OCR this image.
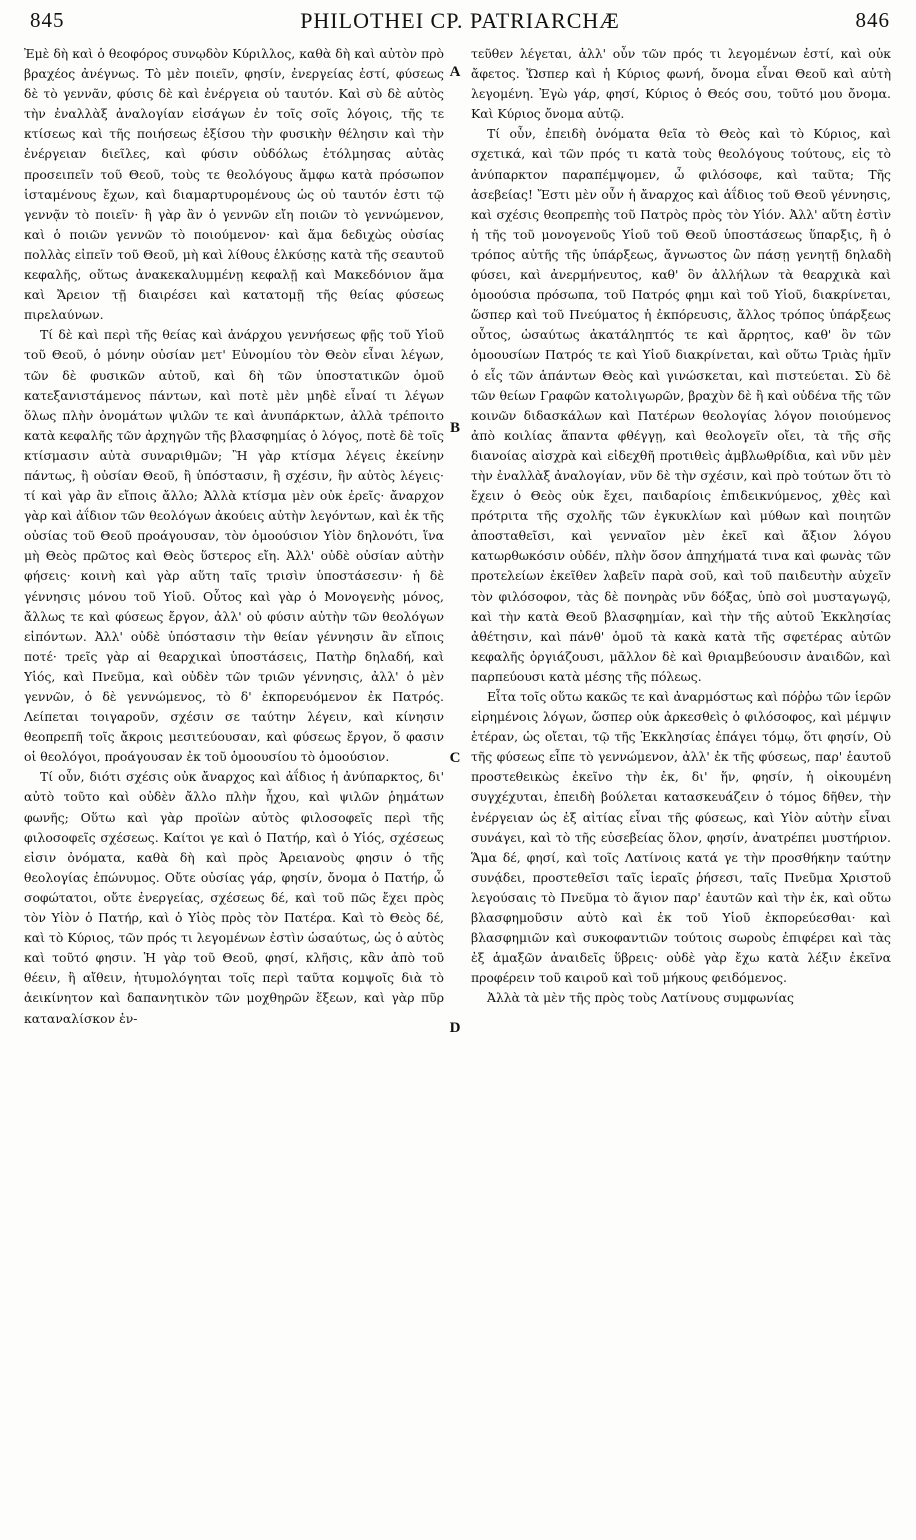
845	PHILOTHEI CP. PATRIARCHÆ	846

Ἐμὲ δὴ καὶ ὁ θεοφόρος συνῳδὸν Κύριλλος, καθὰ δὴ καὶ αὐτὸν πρὸ βραχέος ἀνέγνως. Τὸ μὲν ποιεῖν, φησίν, ἐνεργείας ἐστί, φύσεως δὲ τὸ γεννᾶν, φύσις δὲ καὶ ἐνέργεια οὐ ταυτόν. Καὶ σὺ δὲ αὐτὸς τὴν ἐναλλὰξ ἀναλογίαν εἰσάγων ἐν τοῖς σοῖς λόγοις, τῆς τε κτίσεως καὶ τῆς ποιήσεως ἐξίσου τὴν φυσικὴν θέλησιν καὶ τὴν ἐνέργειαν διεῖλες, καὶ φύσιν οὐδόλως ἐτόλμησας αὐτὰς προσειπεῖν τοῦ Θεοῦ, τοὺς τε θεολόγους ἄμφω κατὰ πρόσωπον ἱσταμένους ἔχων, καὶ διαμαρτυρομένους ὡς οὐ ταυτόν ἐστι τῷ γεννᾷν τὸ ποιεῖν· ἢ γὰρ ἂν ὁ γεννῶν εἴη ποιῶν τὸ γεννώμενον, καὶ ὁ ποιῶν γεννῶν τὸ ποιούμενον· καὶ ἅμα δεδιχὼς οὐσίας πολλὰς εἰπεῖν τοῦ Θεοῦ, μὴ καὶ λίθους ἑλκύσῃς κατὰ τῆς σεαυτοῦ κεφαλῆς, οὕτως ἀνακεκαλυμμένῃ κεφαλῇ καὶ Μακεδόνιον ἅμα καὶ Ἄρειον τῇ διαιρέσει καὶ κατατομῇ τῆς θείας φύσεως πιρελαύνων.

Τί δὲ καὶ περὶ τῆς θείας καὶ ἀνάρχου γεννήσεως φῇς τοῦ Υἱοῦ τοῦ Θεοῦ, ὁ μόνην οὐσίαν μετ' Εὐνομίου τὸν Θεὸν εἶναι λέγων, τῶν δὲ φυσικῶν αὐτοῦ, καὶ δὴ τῶν ὑποστατικῶν ὁμοῦ κατεξανιστάμενος πάντων, καὶ ποτὲ μὲν μηδὲ εἶναί τι λέγων ὅλως πλὴν ὀνομάτων ψιλῶν τε καὶ ἀνυπάρκτων, ἀλλὰ τρέποιτο κατὰ κεφαλῆς τῶν ἀρχηγῶν τῆς βλασφημίας ὁ λόγος, ποτὲ δὲ τοῖς κτίσμασιν αὐτὰ συναριθμῶν; Ἢ γὰρ κτίσμα λέγεις ἐκείνην πάντως, ἢ οὐσίαν Θεοῦ, ἢ ὑπόστασιν, ἢ σχέσιν, ἣν αὐτὸς λέγεις· τί καὶ γὰρ ἂν εἴποις ἄλλο; Ἀλλὰ κτίσμα μὲν οὐκ ἐρεῖς· ἄναρχον γὰρ καὶ ἀΐδιον τῶν θεολόγων ἀκούεις αὐτὴν λεγόντων, καὶ ἐκ τῆς οὐσίας τοῦ Θεοῦ προάγουσαν, τὸν ὁμοούσιον Υἱὸν δηλονότι, ἵνα μὴ Θεὸς πρῶτος καὶ Θεὸς ὕστερος εἴη. Ἀλλ' οὐδὲ οὐσίαν αὐτὴν φήσεις· κοινὴ καὶ γὰρ αὕτη ταῖς τρισὶν ὑποστάσεσιν· ἡ δὲ γέννησις μόνου τοῦ Υἱοῦ. Οὗτος καὶ γὰρ ὁ Μονογενὴς μόνος, ἄλλως τε καὶ φύσεως ἔργον, ἀλλ' οὐ φύσιν αὐτὴν τῶν θεολόγων εἰπόντων. Ἀλλ' οὐδὲ ὑπόστασιν τὴν θείαν γέννησιν ἂν εἴποις ποτέ· τρεῖς γὰρ αἱ θεαρχικαὶ ὑποστάσεις, Πατὴρ δηλαδή, καὶ Υἱός, καὶ Πνεῦμα, καὶ οὐδὲν τῶν τριῶν γέννησις, ἀλλ' ὁ μὲν γεννῶν, ὁ δὲ γεννώμενος, τὸ δ' ἐκπορευόμενον ἐκ Πατρός. Λείπεται τοιγαροῦν, σχέσιν σε ταύτην λέγειν, καὶ κίνησιν θεοπρεπῆ τοῖς ἄκροις μεσιτεύουσαν, καὶ φύσεως ἔργον, ὅ φασιν οἱ θεολόγοι, προάγουσαν ἐκ τοῦ ὁμοουσίου τὸ ὁμοούσιον.

Τί οὖν, διότι σχέσις οὐκ ἄναρχος καὶ ἀΐδιος ἡ ἀνύπαρκτος, δι' αὐτὸ τοῦτο καὶ οὐδὲν ἄλλο πλὴν ἦχου, καὶ ψιλῶν ῥημάτων φωνῆς; Οὕτω καὶ γὰρ προϊὼν αὐτὸς φιλοσοφεῖς περὶ τῆς φιλοσοφεῖς σχέσεως. Καίτοι γε καὶ ὁ Πατήρ, καὶ ὁ Υἱός, σχέσεως εἰσιν ὀνόματα, καθὰ δὴ καὶ πρὸς Ἀρειανοὺς φησιν ὁ τῆς θεολογίας ἐπώνυμος. Οὔτε οὐσίας γάρ, φησίν, ὄνομα ὁ Πατήρ, ὦ σοφώτατοι, οὔτε ἐνεργείας, σχέσεως δέ, καὶ τοῦ πῶς ἔχει πρὸς τὸν Υἱὸν ὁ Πατήρ, καὶ ὁ Υἱὸς πρὸς τὸν Πατέρα. Καὶ τὸ Θεὸς δέ, καὶ τὸ Κύριος, τῶν πρός τι λεγομένων ἐστὶν ὡσαύτως, ὡς ὁ αὐτὸς καὶ τοῦτό φησιν. Ἡ γὰρ τοῦ Θεοῦ, φησί, κλῆσις, κἂν ἀπὸ τοῦ θέειν, ἢ αἴθειν, ἠτυμολόγηται τοῖς περὶ ταῦτα κομψοῖς διὰ τὸ ἀεικίνητον καὶ δαπανητικὸν τῶν μοχθηρῶν ἕξεων, καὶ γὰρ πῦρ καταναλίσκον ἐν-

A
B
C
D

τεῦθεν λέγεται, ἀλλ' οὖν τῶν πρός τι λεγομένων ἐστί, καὶ οὐκ ἄφετος. Ὥσπερ καὶ ἡ Κύριος φωνή, ὄνομα εἶναι Θεοῦ καὶ αὐτὴ λεγομένη. Ἐγὼ γάρ, φησί, Κύριος ὁ Θεός σου, τοῦτό μου ὄνομα. Καὶ Κύριος ὄνομα αὐτῷ.

Τί οὖν, ἐπειδὴ ὀνόματα θεῖα τὸ Θεὸς καὶ τὸ Κύριος, καὶ σχετικά, καὶ τῶν πρός τι κατὰ τοὺς θεολόγους τούτους, εἰς τὸ ἀνύπαρκτον παραπέμψομεν, ὦ φιλόσοφε, καὶ ταῦτα; Τῆς ἀσεβείας! Ἔστι μὲν οὖν ἡ ἄναρχος καὶ ἀΐδιος τοῦ Θεοῦ γέννησις, καὶ σχέσις θεοπρεπὴς τοῦ Πατρὸς πρὸς τὸν Υἱόν. Ἀλλ' αὕτη ἐστὶν ἡ τῆς τοῦ μονογενοῦς Υἱοῦ τοῦ Θεοῦ ὑποστάσεως ὕπαρξις, ἢ ὁ τρόπος αὐτῆς τῆς ὑπάρξεως, ἄγνωστος ὢν πάσῃ γενητῇ δηλαδὴ φύσει, καὶ ἀνερμήνευτος, καθ' ὃν ἀλλήλων τὰ θεαρχικὰ καὶ ὁμοούσια πρόσωπα, τοῦ Πατρός φημι καὶ τοῦ Υἱοῦ, διακρίνεται, ὥσπερ καὶ τοῦ Πνεύματος ἡ ἐκπόρευσις, ἄλλος τρόπος ὑπάρξεως οὗτος, ὡσαύτως ἀκατάληπτός τε καὶ ἄρρητος, καθ' ὃν τῶν ὁμοουσίων Πατρός τε καὶ Υἱοῦ διακρίνεται, καὶ οὕτω Τριὰς ἡμῖν ὁ εἷς τῶν ἁπάντων Θεὸς καὶ γινώσκεται, καὶ πιστεύεται. Σὺ δὲ τῶν θείων Γραφῶν κατολιγωρῶν, βραχὺν δὲ ἢ καὶ οὐδένα τῆς τῶν κοινῶν διδασκάλων καὶ Πατέρων θεολογίας λόγον ποιούμενος ἀπὸ κοιλίας ἅπαντα φθέγγῃ, καὶ θεολογεῖν οἴει, τὰ τῆς σῆς διανοίας αἰσχρὰ καὶ εἰδεχθῆ προτιθεὶς ἀμβλωθρίδια, καὶ νῦν μὲν τὴν ἐναλλὰξ ἀναλογίαν, νῦν δὲ τὴν σχέσιν, καὶ πρὸ τούτων ὅτι τὸ ἔχειν ὁ Θεὸς οὐκ ἔχει, παιδαρίοις ἐπιδεικνύμενος, χθὲς καὶ πρότριτα τῆς σχολῆς τῶν ἐγκυκλίων καὶ μύθων καὶ ποιητῶν ἀποσταθεῖσι, καὶ γενναῖον μὲν ἐκεῖ καὶ ἄξιον λόγου κατωρθωκόσιν οὐδέν, πλὴν ὅσον ἀπηχήματά τινα καὶ φωνὰς τῶν προτελείων ἐκεῖθεν λαβεῖν παρὰ σοῦ, καὶ τοῦ παιδευτὴν αὐχεῖν τὸν φιλόσοφον, τὰς δὲ πονηρὰς νῦν δόξας, ὑπὸ σοὶ μυσταγωγῷ, καὶ τὴν κατὰ Θεοῦ βλασφημίαν, καὶ τὴν τῆς αὐτοῦ Ἐκκλησίας ἀθέτησιν, καὶ πάνθ' ὁμοῦ τὰ κακὰ κατὰ τῆς σφετέρας αὐτῶν κεφαλῆς ὀργιάζουσι, μᾶλλον δὲ καὶ θριαμβεύουσιν ἀναιδῶν, καὶ παρπεύουσι κατὰ μέσης τῆς πόλεως.

Εἶτα τοῖς οὕτω κακῶς τε καὶ ἀναρμόστως καὶ πόῤῥω τῶν ἱερῶν εἰρημένοις λόγων, ὥσπερ οὐκ ἀρκεσθεὶς ὁ φιλόσοφος, καὶ μέμψιν ἑτέραν, ὡς οἴεται, τῷ τῆς Ἐκκλησίας ἐπάγει τόμῳ, ὅτι φησίν, Οὐ τῆς φύσεως εἶπε τὸ γεννώμενον, ἀλλ' ἐκ τῆς φύσεως, παρ' ἑαυτοῦ προστεθεικὼς ἐκεῖνο τὴν ἐκ, δι' ἥν, φησίν, ἡ οἰκουμένη συγχέχυται, ἐπειδὴ βούλεται κατασκευάζειν ὁ τόμος δῆθεν, τὴν ἐνέργειαν ὡς ἐξ αἰτίας εἶναι τῆς φύσεως, καὶ Υἱὸν αὐτὴν εἶναι συνάγει, καὶ τὸ τῆς εὐσεβείας ὅλον, φησίν, ἀνατρέπει μυστήριον. Ἅμα δέ, φησί, καὶ τοῖς Λατίνοις κατά γε τὴν προσθήκην ταύτην συνᾴδει, προστεθεῖσι ταῖς ἱεραῖς ῥήσεσι, ταῖς Πνεῦμα Χριστοῦ λεγούσαις τὸ Πνεῦμα τὸ ἅγιον παρ' ἑαυτῶν καὶ τὴν ἐκ, καὶ οὕτω βλασφημοῦσιν αὐτὸ καὶ ἐκ τοῦ Υἱοῦ ἐκπορεύεσθαι· καὶ βλασφημιῶν καὶ συκοφαντιῶν τούτοις σωροὺς ἐπιφέρει καὶ τὰς ἐξ ἁμαξῶν ἀναιδεῖς ὕβρεις· οὐδὲ γὰρ ἔχω κατὰ λέξιν ἐκεῖνα προφέρειν τοῦ καιροῦ καὶ τοῦ μήκους φειδόμενος.

Ἀλλὰ τὰ μὲν τῆς πρὸς τοὺς Λατίνους συμφωνίας
